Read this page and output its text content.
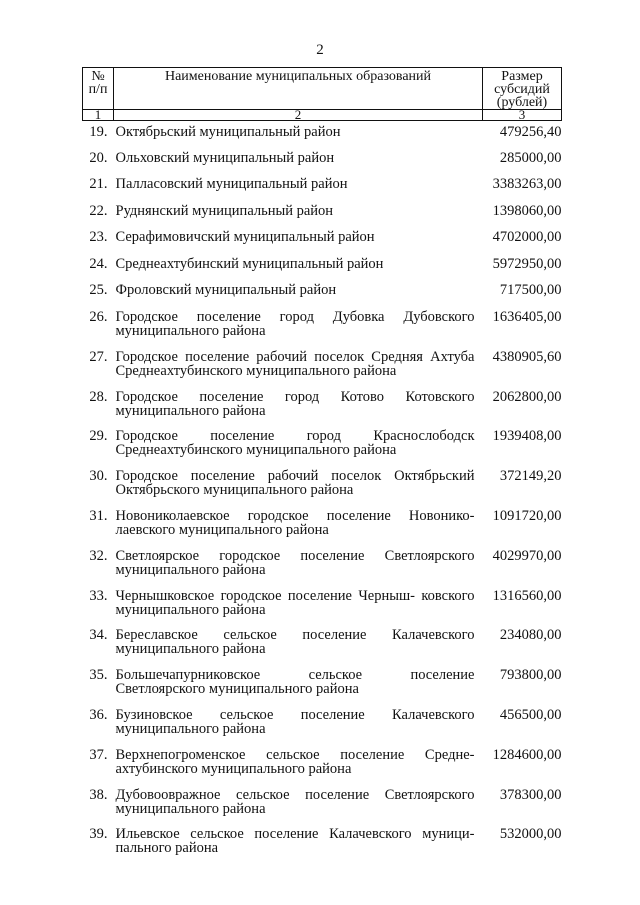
2
№ п/п	Наименование муниципальных образований	Размер субсидий (рублей)
1	2	3
19.	Октябрьский муниципальный район	479256,40
20.	Ольховский муниципальный район	285000,00
21.	Палласовский муниципальный район	3383263,00
22.	Руднянский муниципальный район	1398060,00
23.	Серафимовичский муниципальный район	4702000,00
24.	Среднеахтубинский муниципальный район	5972950,00
25.	Фроловский муниципальный район	717500,00
26.	Городское поселение город Дубовка Дубовского муниципального района	1636405,00
27.	Городское поселение рабочий поселок Средняя Ахтуба Среднеахтубинского муниципального района	4380905,60
28.	Городское поселение город Котово Котовского муниципального района	2062800,00
29.	Городское поселение город Краснослободск Среднеахтубинского муниципального района	1939408,00
30.	Городское поселение рабочий поселок Октябрьский Октябрьского муниципального района	372149,20
31.	Новониколаевское городское поселение Новонико- лаевского муниципального района	1091720,00
32.	Светлоярское городское поселение Светлоярского муниципального района	4029970,00
33.	Чернышковское городское поселение Черныш- ковского муниципального района	1316560,00
34.	Береславское сельское поселение Калачевского муниципального района	234080,00
35.	Большечапурниковское сельское поселение Светлоярского муниципального района	793800,00
36.	Бузиновское сельское поселение Калачевского муниципального района	456500,00
37.	Верхнепогроменское сельское поселение Средне- ахтубинского муниципального района	1284600,00
38.	Дубовоовражное сельское поселение Светлоярского муниципального района	378300,00
39.	Ильевское сельское поселение Калачевского муници- пального района	532000,00
